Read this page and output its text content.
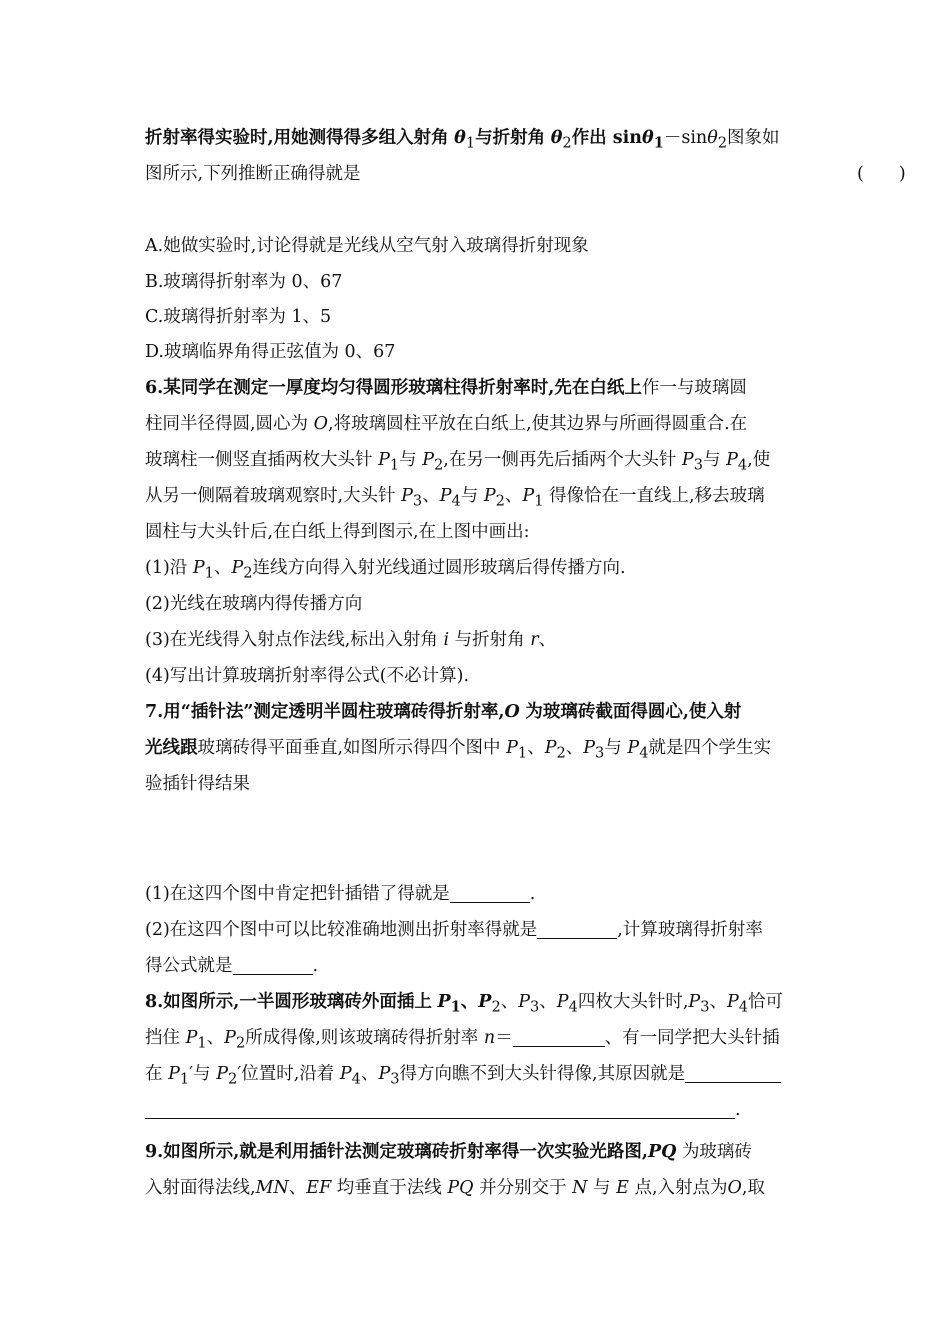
折射率得实验时,用她测得得多组入射角 $\theta_1$与折射角 $\theta_2$作出 sinθ$_1$－sinθ$_2$图象如
图所示,下列推断正确得就是	(　　)
A.她做实验时,讨论得就是光线从空气射入玻璃得折射现象
B.玻璃得折射率为 0、67
C.玻璃得折射率为 1、5
D.玻璃临界角得正弦值为 0、67
6.某同学在测定一厚度均匀得圆形玻璃柱得折射率时,先在白纸上作一与玻璃圆
柱同半径得圆,圆心为 O,将玻璃圆柱平放在白纸上,使其边界与所画得圆重合.在
玻璃柱一侧竖直插两枚大头针 $P_1$与 $P_2$,在另一侧再先后插两个大头针 $P_3$与 $P_4$,使
从另一侧隔着玻璃观察时,大头针 $P_3$、$P_4$与 $P_2$、$P_1$ 得像恰在一直线上,移去玻璃
圆柱与大头针后,在白纸上得到图示,在上图中画出:
(1)沿 $P_1$、$P_2$连线方向得入射光线通过圆形玻璃后得传播方向.
(2)光线在玻璃内得传播方向
(3)在光线得入射点作法线,标出入射角 i 与折射角 r、
(4)写出计算玻璃折射率得公式(不必计算).
7.用“插针法”测定透明半圆柱玻璃砖得折射率,O 为玻璃砖截面得圆心,使入射
光线跟玻璃砖得平面垂直,如图所示得四个图中 $P_1$、$P_2$、$P_3$与 $P_4$就是四个学生实
验插针得结果
(1)在这四个图中肯定把针插错了得就是	.
(2)在这四个图中可以比较准确地测出折射率得就是	,计算玻璃得折射率
得公式就是	.
8.如图所示,一半圆形玻璃砖外面插上 $P_1$、$P_2$、$P_3$、$P_4$四枚大头针时$,P_3$、$P_4$恰可
挡住 $P_1$、$P_2$所成得像,则该玻璃砖得折射率 n＝	、有一同学把大头针插
在 $P_1'$与 $P_2'$位置时,沿着 $P_4$、$P_3$得方向瞧不到大头针得像,其原因就是
.
9.如图所示,就是利用插针法测定玻璃砖折射率得一次实验光路图,PQ 为玻璃砖
入射面得法线,MN、EF 均垂直于法线 PQ 并分别交于 N 与 E 点,入射点为O,取
